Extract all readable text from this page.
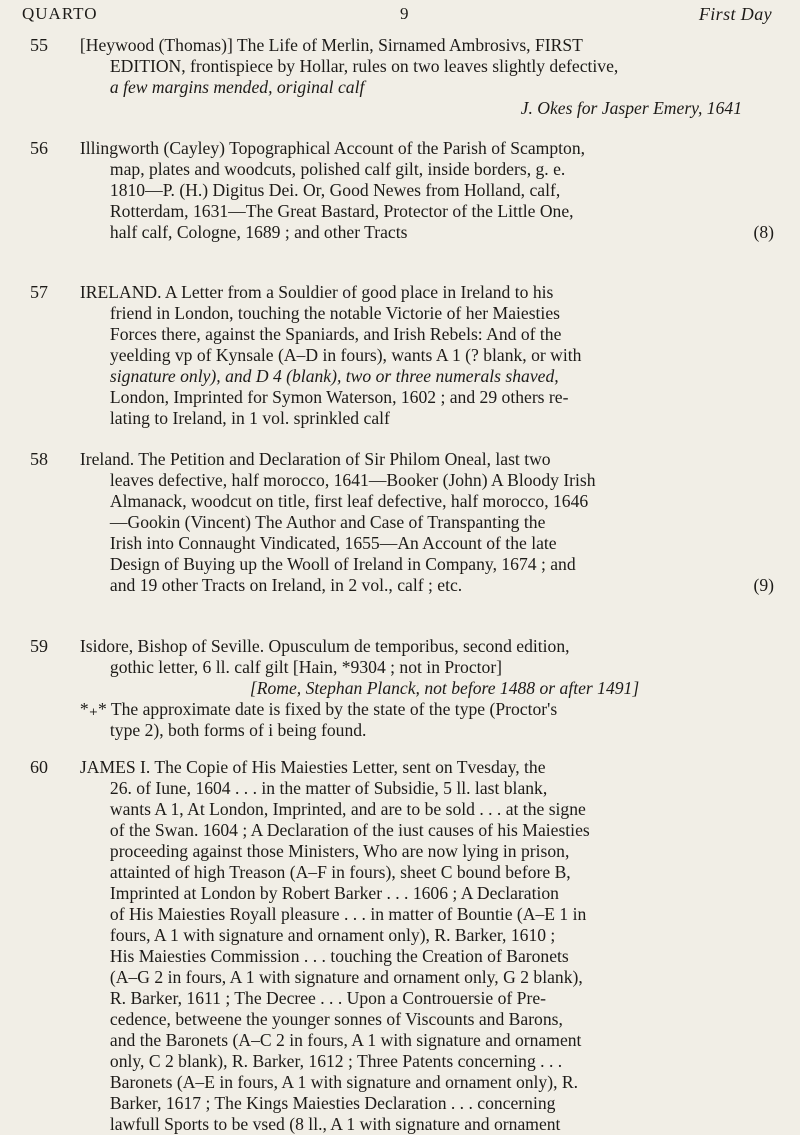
QUARTO	9	First Day
55 [Heywood (Thomas)] The Life of Merlin, Sirnamed Ambrosivs, FIRST
EDITION, frontispiece by Hollar, rules on two leaves slightly defective,
a few margins mended, original calf
J. Okes for Jasper Emery, 1641
56 Illingworth (Cayley) Topographical Account of the Parish of Scampton,
map, plates and woodcuts, polished calf gilt, inside borders, g. e.
1810—P. (H.) Digitus Dei. Or, Good Newes from Holland, calf,
Rotterdam, 1631—The Great Bastard, Protector of the Little One,
half calf, Cologne, 1689 ; and other Tracts	(8)
57 IRELAND. A Letter from a Souldier of good place in Ireland to his
friend in London, touching the notable Victorie of her Maiesties
Forces there, against the Spaniards, and Irish Rebels: And of the
yeelding vp of Kynsale (A–D in fours), wants A 1 (? blank, or with
signature only), and D 4 (blank), two or three numerals shaved,
London, Imprinted for Symon Waterson, 1602 ; and 29 others re-
lating to Ireland, in 1 vol. sprinkled calf
58 Ireland. The Petition and Declaration of Sir Philom Oneal, last two
leaves defective, half morocco, 1641—Booker (John) A Bloody Irish
Almanack, woodcut on title, first leaf defective, half morocco, 1646
—Gookin (Vincent) The Author and Case of Transpanting the
Irish into Connaught Vindicated, 1655—An Account of the late
Design of Buying up the Wooll of Ireland in Company, 1674 ; and
and 19 other Tracts on Ireland, in 2 vol., calf ; etc.	(9)
59 Isidore, Bishop of Seville. Opusculum de temporibus, second edition,
gothic letter, 6 ll. calf gilt [Hain, *9304 ; not in Proctor]
[Rome, Stephan Planck, not before 1488 or after 1491]
*₊* The approximate date is fixed by the state of the type (Proctor's
type 2), both forms of i being found.
60 JAMES I. The Copie of His Maiesties Letter, sent on Tvesday, the
26. of Iune, 1604 . . . in the matter of Subsidie, 5 ll. last blank,
wants A 1, At London, Imprinted, and are to be sold . . . at the signe
of the Swan. 1604 ; A Declaration of the iust causes of his Maiesties
proceeding against those Ministers, Who are now lying in prison,
attainted of high Treason (A–F in fours), sheet C bound before B,
Imprinted at London by Robert Barker . . . 1606 ; A Declaration
of His Maiesties Royall pleasure . . . in matter of Bountie (A–E 1 in
fours, A 1 with signature and ornament only), R. Barker, 1610 ;
His Maiesties Commission . . . touching the Creation of Baronets
(A–G 2 in fours, A 1 with signature and ornament only, G 2 blank),
R. Barker, 1611 ; The Decree . . . Upon a Controuersie of Pre-
cedence, betweene the younger sonnes of Viscounts and Barons,
and the Baronets (A–C 2 in fours, A 1 with signature and ornament
only, C 2 blank), R. Barker, 1612 ; Three Patents concerning . . .
Baronets (A–E in fours, A 1 with signature and ornament only), R.
Barker, 1617 ; The Kings Maiesties Declaration . . . concerning
lawfull Sports to be vsed (8 ll., A 1 with signature and ornament
